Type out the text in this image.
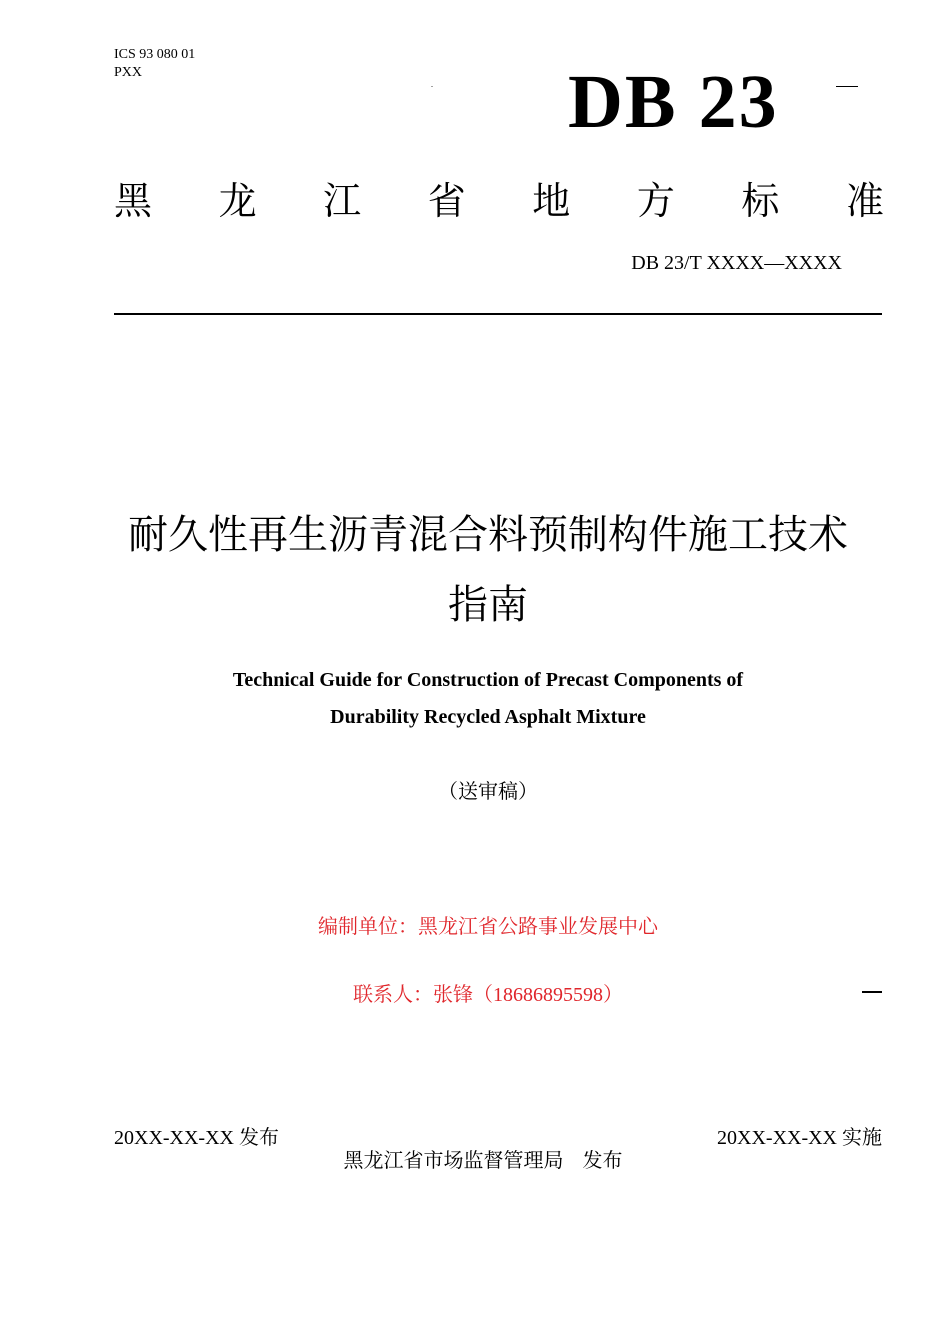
ICS 93 080 01
PXX
. DB 23
黑 龙 江 省 地 方 标 准
DB 23/T XXXX—XXXX
耐久性再生沥青混合料预制构件施工技术
指南
Technical Guide for Construction of Precast Components of
Durability Recycled Asphalt Mixture
（送审稿）
编制单位：黑龙江省公路事业发展中心
联系人：张锋（18686895598）
20XX-XX-XX 发布	20XX-XX-XX 实施
黑龙江省市场监督管理局   发布
